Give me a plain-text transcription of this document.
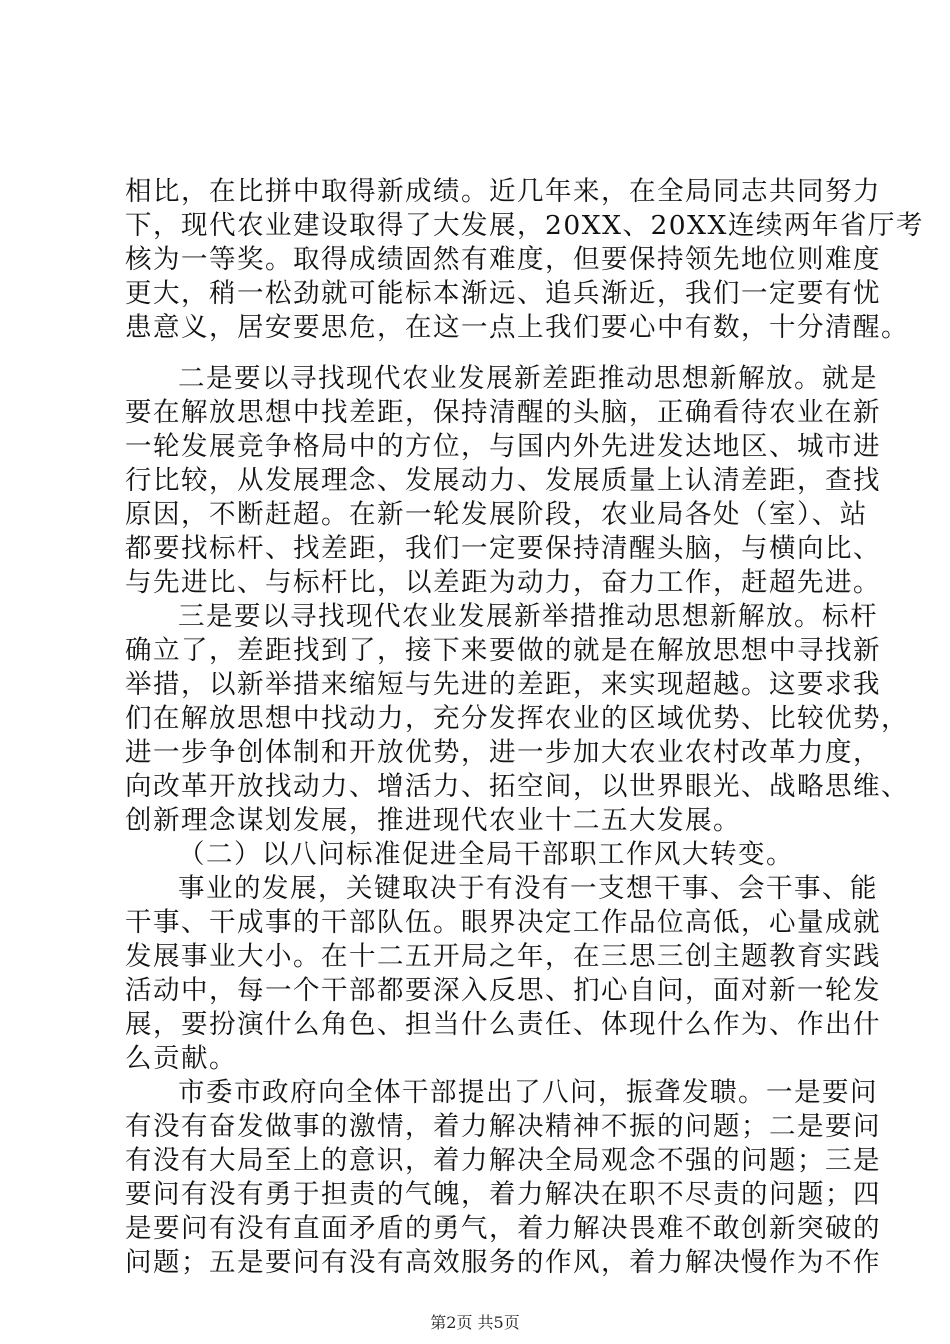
相比，在比拼中取得新成绩。近几年来，在全局同志共同努力
下，现代农业建设取得了大发展，20XX、20XX连续两年省厅考
核为一等奖。取得成绩固然有难度，但要保持领先地位则难度
更大，稍一松劲就可能标本渐远、追兵渐近，我们一定要有忧
患意义，居安要思危，在这一点上我们要心中有数，十分清醒。
二是要以寻找现代农业发展新差距推动思想新解放。就是
要在解放思想中找差距，保持清醒的头脑，正确看待农业在新
一轮发展竞争格局中的方位，与国内外先进发达地区、城市进
行比较，从发展理念、发展动力、发展质量上认清差距，查找
原因，不断赶超。在新一轮发展阶段，农业局各处（室）、站
都要找标杆、找差距，我们一定要保持清醒头脑，与横向比、
与先进比、与标杆比，以差距为动力，奋力工作，赶超先进。
三是要以寻找现代农业发展新举措推动思想新解放。标杆
确立了，差距找到了，接下来要做的就是在解放思想中寻找新
举措，以新举措来缩短与先进的差距，来实现超越。这要求我
们在解放思想中找动力，充分发挥农业的区域优势、比较优势，
进一步争创体制和开放优势，进一步加大农业农村改革力度，
向改革开放找动力、增活力、拓空间，以世界眼光、战略思维、
创新理念谋划发展，推进现代农业十二五大发展。
（二）以八问标准促进全局干部职工作风大转变。
事业的发展，关键取决于有没有一支想干事、会干事、能
干事、干成事的干部队伍。眼界决定工作品位高低，心量成就
发展事业大小。在十二五开局之年，在三思三创主题教育实践
活动中，每一个干部都要深入反思、扪心自问，面对新一轮发
展，要扮演什么角色、担当什么责任、体现什么作为、作出什
么贡献。
市委市政府向全体干部提出了八问，振聋发聩。一是要问
有没有奋发做事的激情，着力解决精神不振的问题；二是要问
有没有大局至上的意识，着力解决全局观念不强的问题；三是
要问有没有勇于担责的气魄，着力解决在职不尽责的问题；四
是要问有没有直面矛盾的勇气，着力解决畏难不敢创新突破的
问题；五是要问有没有高效服务的作风，着力解决慢作为不作
第2页 共5页
